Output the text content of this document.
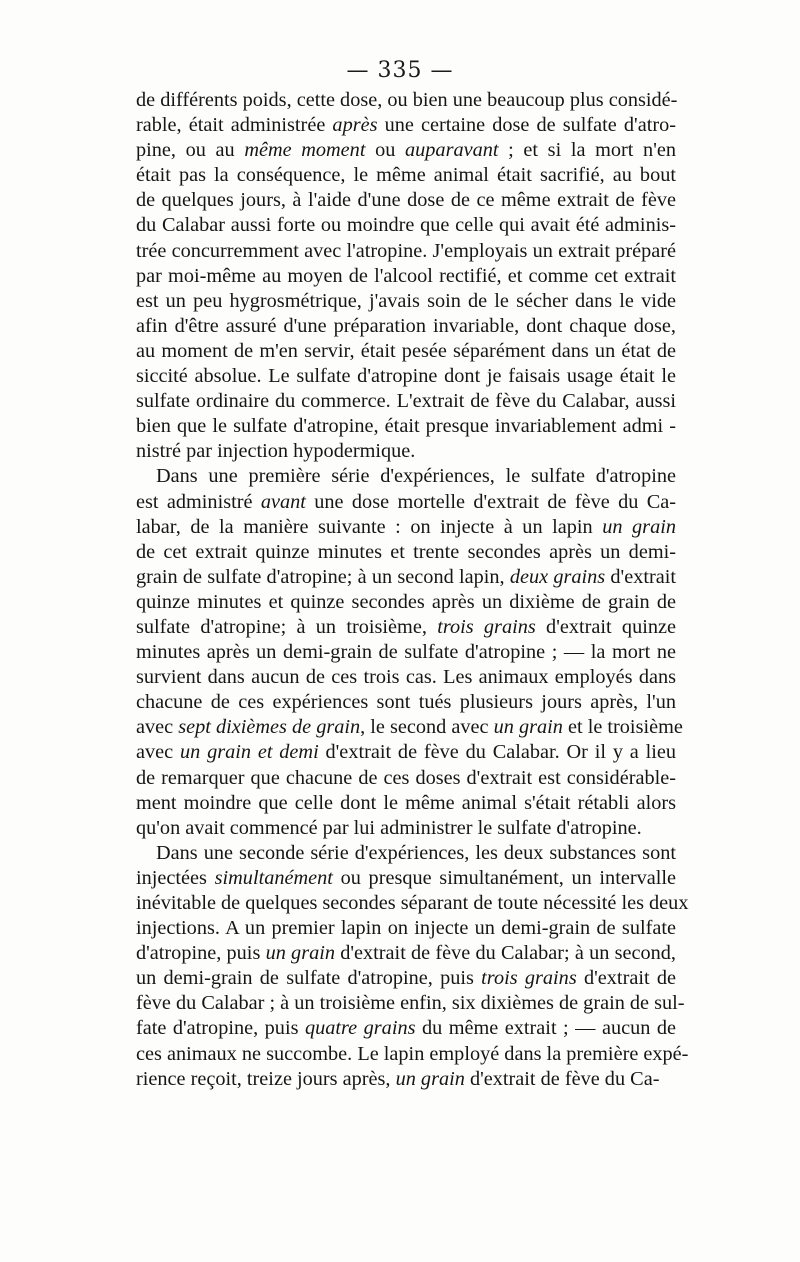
— 335 —

de différents poids, cette dose, ou bien une beaucoup plus considé-
rable, était administrée après une certaine dose de sulfate d'atro-
pine, ou au même moment ou auparavant ; et si la mort n'en
était pas la conséquence, le même animal était sacrifié, au bout
de quelques jours, à l'aide d'une dose de ce même extrait de fève
du Calabar aussi forte ou moindre que celle qui avait été adminis-
trée concurremment avec l'atropine. J'employais un extrait préparé
par moi-même au moyen de l'alcool rectifié, et comme cet extrait
est un peu hygrosmétrique, j'avais soin de le sécher dans le vide
afin d'être assuré d'une préparation invariable, dont chaque dose,
au moment de m'en servir, était pesée séparément dans un état de
siccité absolue. Le sulfate d'atropine dont je faisais usage était le
sulfate ordinaire du commerce. L'extrait de fève du Calabar, aussi
bien que le sulfate d'atropine, était presque invariablement admi -
nistré par injection hypodermique.

Dans une première série d'expériences, le sulfate d'atropine
est administré avant une dose mortelle d'extrait de fève du Ca-
labar, de la manière suivante : on injecte à un lapin un grain
de cet extrait quinze minutes et trente secondes après un demi-
grain de sulfate d'atropine; à un second lapin, deux grains d'extrait
quinze minutes et quinze secondes après un dixième de grain de
sulfate d'atropine; à un troisième, trois grains d'extrait quinze
minutes après un demi-grain de sulfate d'atropine ; — la mort ne
survient dans aucun de ces trois cas. Les animaux employés dans
chacune de ces expériences sont tués plusieurs jours après, l'un
avec sept dixièmes de grain, le second avec un grain et le troisième
avec un grain et demi d'extrait de fève du Calabar. Or il y a lieu
de remarquer que chacune de ces doses d'extrait est considérable-
ment moindre que celle dont le même animal s'était rétabli alors
qu'on avait commencé par lui administrer le sulfate d'atropine.

Dans une seconde série d'expériences, les deux substances sont
injectées simultanément ou presque simultanément, un intervalle
inévitable de quelques secondes séparant de toute nécessité les deux
injections. A un premier lapin on injecte un demi-grain de sulfate
d'atropine, puis un grain d'extrait de fève du Calabar; à un second,
un demi-grain de sulfate d'atropine, puis trois grains d'extrait de
fève du Calabar ; à un troisième enfin, six dixièmes de grain de sul-
fate d'atropine, puis quatre grains du même extrait ; — aucun de
ces animaux ne succombe. Le lapin employé dans la première expé-
rience reçoit, treize jours après, un grain d'extrait de fève du Ca-
